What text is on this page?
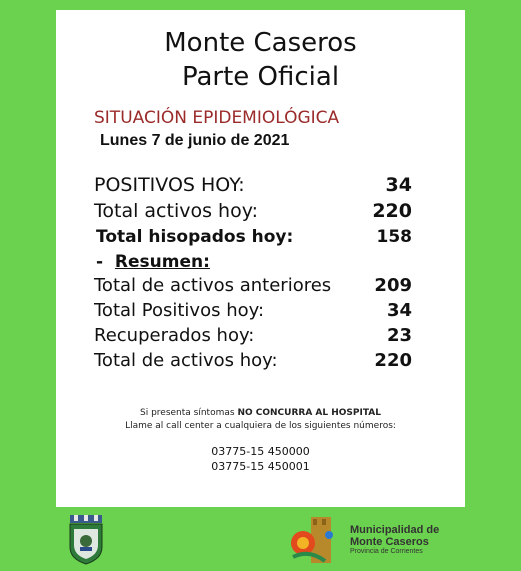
Monte Caseros
Parte Oficial
SITUACIÓN EPIDEMIOLÓGICA
Lunes 7 de junio de 2021
POSITIVOS HOY:	34
Total activos hoy:	220
Total hisopados hoy:	158
- Resumen:
Total de activos anteriores 209
Total Positivos hoy:	34
Recuperados hoy:	23
Total de activos hoy:	220
Si presenta síntomas NO CONCURRA AL HOSPITAL
Llame al call center a cualquiera de los siguientes números:
03775-15 450000
03775-15 450001
Municipalidad de
Monte Caseros
Provincia de Corrientes
